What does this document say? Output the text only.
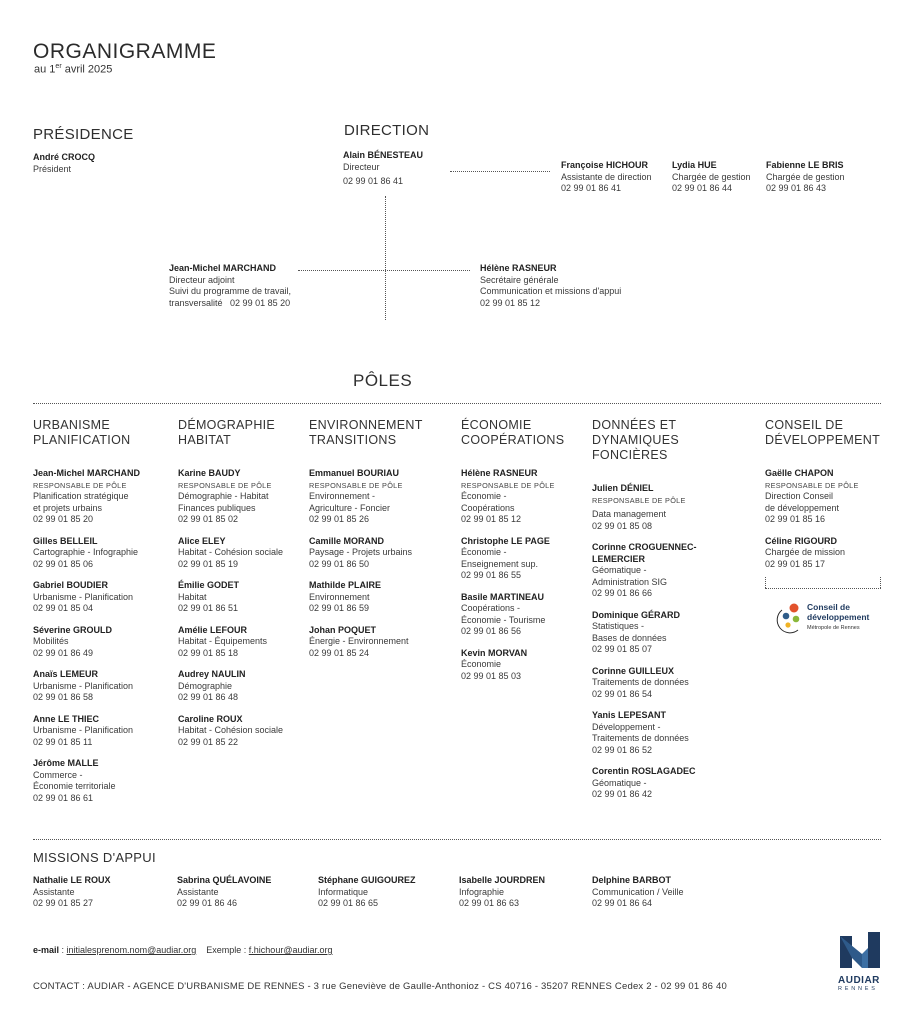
ORGANIGRAMME
au 1er avril 2025
PRÉSIDENCE
André CROCQ
Président
DIRECTION
Alain BÉNESTEAU
Directeur
02 99 01 86 41
Françoise HICHOUR
Assistante de direction
02 99 01 86 41
Lydia HUE
Chargée de gestion
02 99 01 86 44
Fabienne LE BRIS
Chargée de gestion
02 99 01 86 43
Jean-Michel MARCHAND
Directeur adjoint
Suivi du programme de travail,
transversalité 02 99 01 85 20
Hélène RASNEUR
Secrétaire générale
Communication et missions d'appui
02 99 01 85 12
PÔLES
URBANISME
PLANIFICATION
Jean-Michel MARCHAND
RESPONSABLE DE PÔLE
Planification stratégique
et projets urbains
02 99 01 85 20
Gilles BELLEIL
Cartographie - Infographie
02 99 01 85 06
Gabriel BOUDIER
Urbanisme - Planification
02 99 01 85 04
Séverine GROULD
Mobilités
02 99 01 86 49
Anaïs LEMEUR
Urbanisme - Planification
02 99 01 86 58
Anne LE THIEC
Urbanisme - Planification
02 99 01 85 11
Jérôme MALLE
Commerce -
Économie territoriale
02 99 01 86 61
DÉMOGRAPHIE
HABITAT
Karine BAUDY
RESPONSABLE DE PÔLE
Démographie - Habitat
Finances publiques
02 99 01 85 02
Alice ELEY
Habitat - Cohésion sociale
02 99 01 85 19
Émilie GODET
Habitat
02 99 01 86 51
Amélie LEFOUR
Habitat - Équipements
02 99 01 85 18
Audrey NAULIN
Démographie
02 99 01 86 48
Caroline ROUX
Habitat - Cohésion sociale
02 99 01 85 22
ENVIRONNEMENT
TRANSITIONS
Emmanuel BOURIAU
RESPONSABLE DE PÔLE
Environnement -
Agriculture - Foncier
02 99 01 85 26
Camille MORAND
Paysage - Projets urbains
02 99 01 86 50
Mathilde PLAIRE
Environnement
02 99 01 86 59
Johan POQUET
Énergie - Environnement
02 99 01 85 24
ÉCONOMIE
COOPÉRATIONS
Hélène RASNEUR
RESPONSABLE DE PÔLE
Économie -
Coopérations
02 99 01 85 12
Christophe LE PAGE
Économie -
Enseignement sup.
02 99 01 86 55
Basile MARTINEAU
Coopérations -
Économie - Tourisme
02 99 01 86 56
Kevin MORVAN
Économie
02 99 01 85 03
DONNÉES ET
DYNAMIQUES FONCIÈRES
Julien DÉNIEL
RESPONSABLE DE PÔLE
Data management
02 99 01 85 08
Corinne CROGUENNEC-LEMERCIER
Géomatique -
Administration SIG
02 99 01 86 66
Dominique GÉRARD
Statistiques -
Bases de données
02 99 01 85 07
Corinne GUILLEUX
Traitements de données
02 99 01 86 54
Yanis LEPESANT
Développement -
Traitements de données
02 99 01 86 52
Corentin ROSLAGADEC
Géomatique -
02 99 01 86 42
CONSEIL DE
DÉVELOPPEMENT
Gaëlle CHAPON
RESPONSABLE DE PÔLE
Direction Conseil
de développement
02 99 01 85 16
Céline RIGOURD
Chargée de mission
02 99 01 85 17
Conseil de
développement
Métropole de Rennes
MISSIONS D'APPUI
Nathalie LE ROUX
Assistante
02 99 01 85 27
Sabrina QUÉLAVOINE
Assistante
02 99 01 86 46
Stéphane GUIGOUREZ
Informatique
02 99 01 86 65
Isabelle JOURDREN
Infographie
02 99 01 86 63
Delphine BARBOT
Communication / Veille
02 99 01 86 64
e-mail : initialesprenom.nom@audiar.org Exemple : f.hichour@audiar.org
CONTACT : AUDIAR - AGENCE D'URBANISME DE RENNES - 3 rue Geneviève de Gaulle-Anthonioz - CS 40716 - 35207 RENNES Cedex 2 - 02 99 01 86 40
AUDIAR
RENNES
